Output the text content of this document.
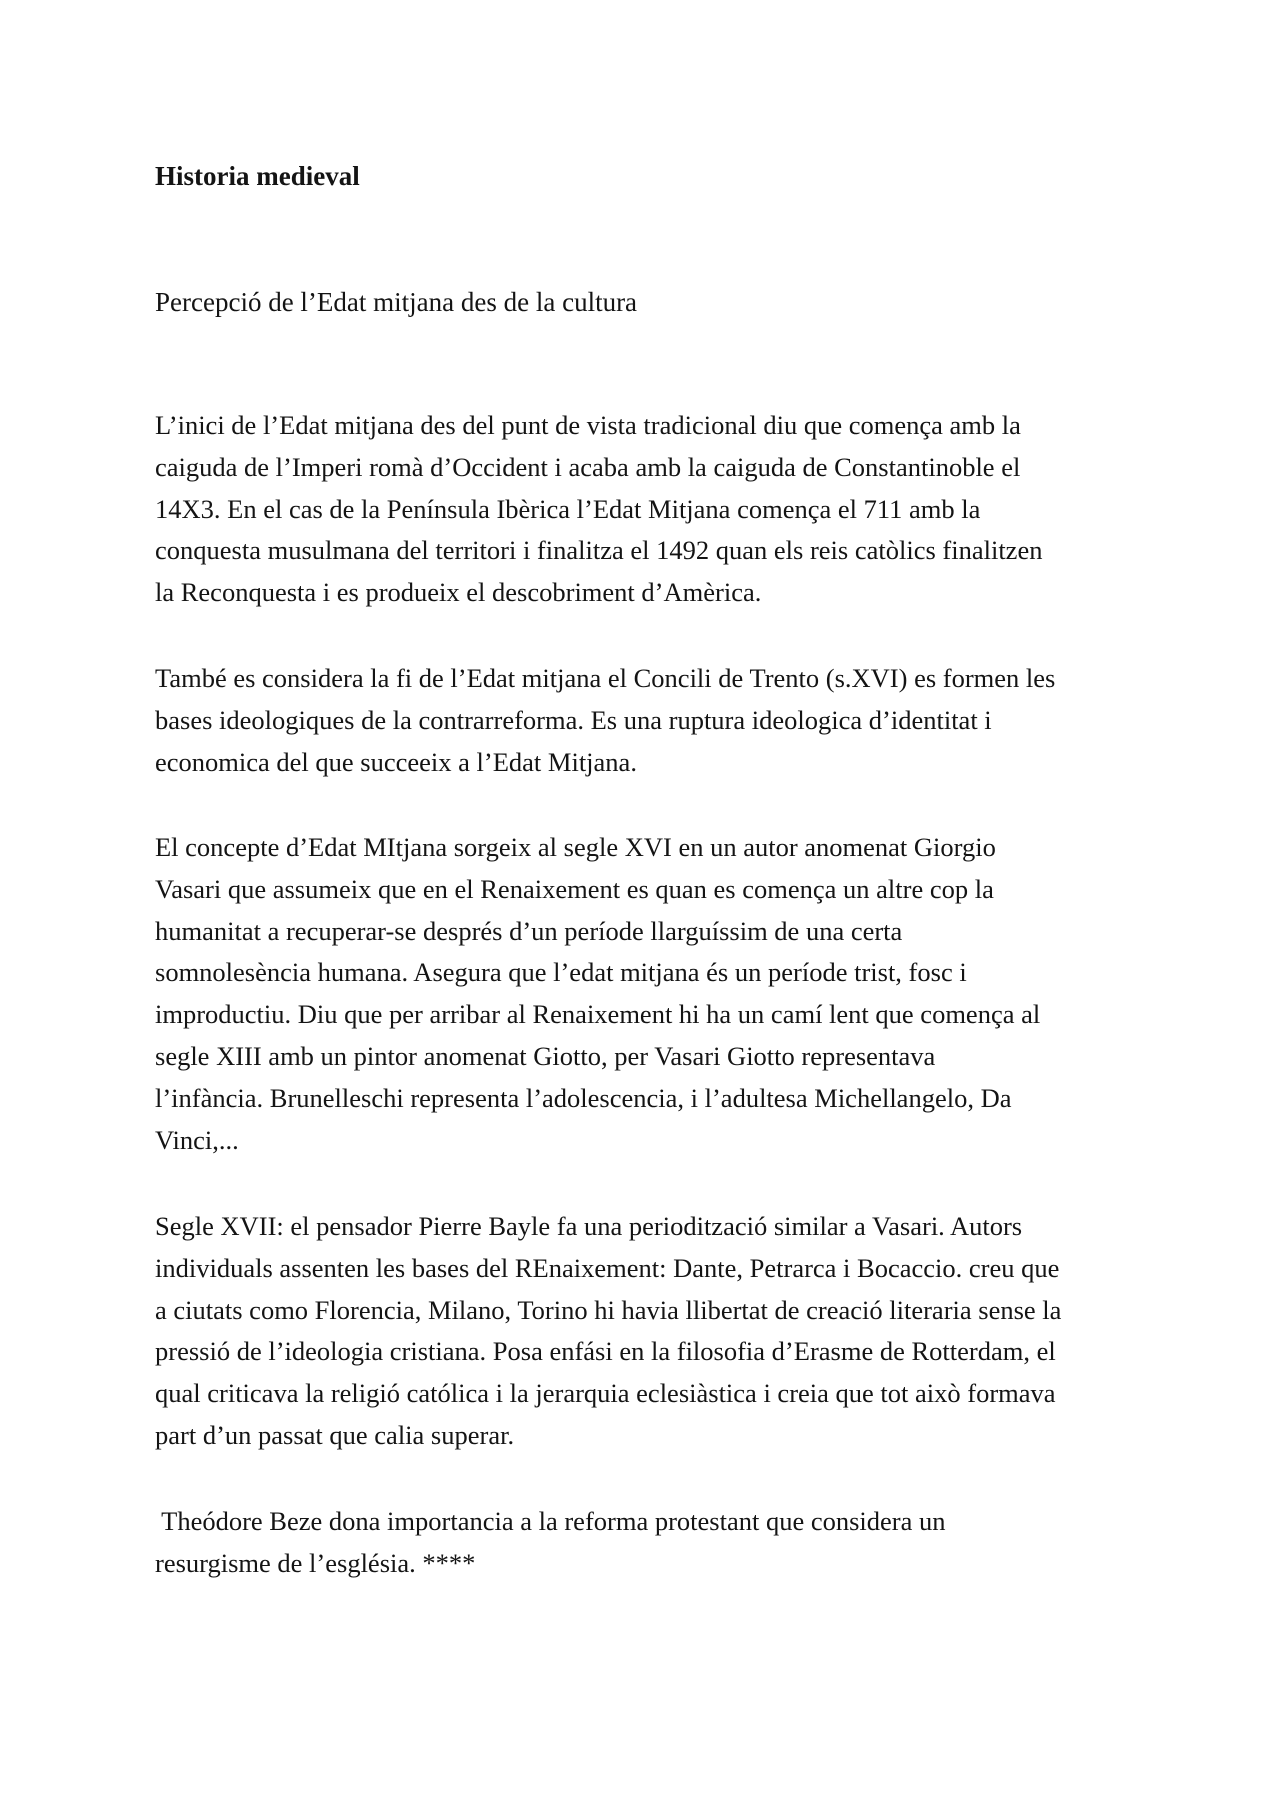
Historia medieval
Percepció de l’Edat mitjana des de la cultura

L’inici de l’Edat mitjana des del punt de vista tradicional diu que comença amb la
caiguda de l’Imperi romà d’Occident i acaba amb la caiguda de Constantinoble el
14X3. En el cas de la Península Ibèrica l’Edat Mitjana comença el 711 amb la
conquesta musulmana del territori i finalitza el 1492 quan els reis catòlics finalitzen
la Reconquesta i es produeix el descobriment d’Amèrica.

També es considera la fi de l’Edat mitjana el Concili de Trento (s.XVI) es formen les
bases ideologiques de la contrarreforma. Es una ruptura ideologica d’identitat i
economica del que succeeix a l’Edat Mitjana.

El concepte d’Edat MItjana sorgeix al segle XVI en un autor anomenat Giorgio
Vasari que assumeix que en el Renaixement es quan es comença un altre cop la
humanitat a recuperar-se després d’un període llarguíssim de una certa
somnolesència humana. Asegura que l’edat mitjana és un període trist, fosc i
improductiu. Diu que per arribar al Renaixement hi ha un camí lent que comença al
segle XIII amb un pintor anomenat Giotto, per Vasari Giotto representava
l’infància. Brunelleschi representa l’adolescencia, i l’adultesa Michellangelo, Da
Vinci,...

Segle XVII: el pensador Pierre Bayle fa una periodització similar a Vasari. Autors
individuals assenten les bases del REnaixement: Dante, Petrarca i Bocaccio. creu que
a ciutats como Florencia, Milano, Torino hi havia llibertat de creació literaria sense la
pressió de l’ideologia cristiana. Posa enfási en la filosofia d’Erasme de Rotterdam, el
qual criticava la religió católica i la jerarquia eclesiàstica i creia que tot això formava
part d’un passat que calia superar.

Theódore Beze dona importancia a la reforma protestant que considera un
resurgisme de l’església. ****
